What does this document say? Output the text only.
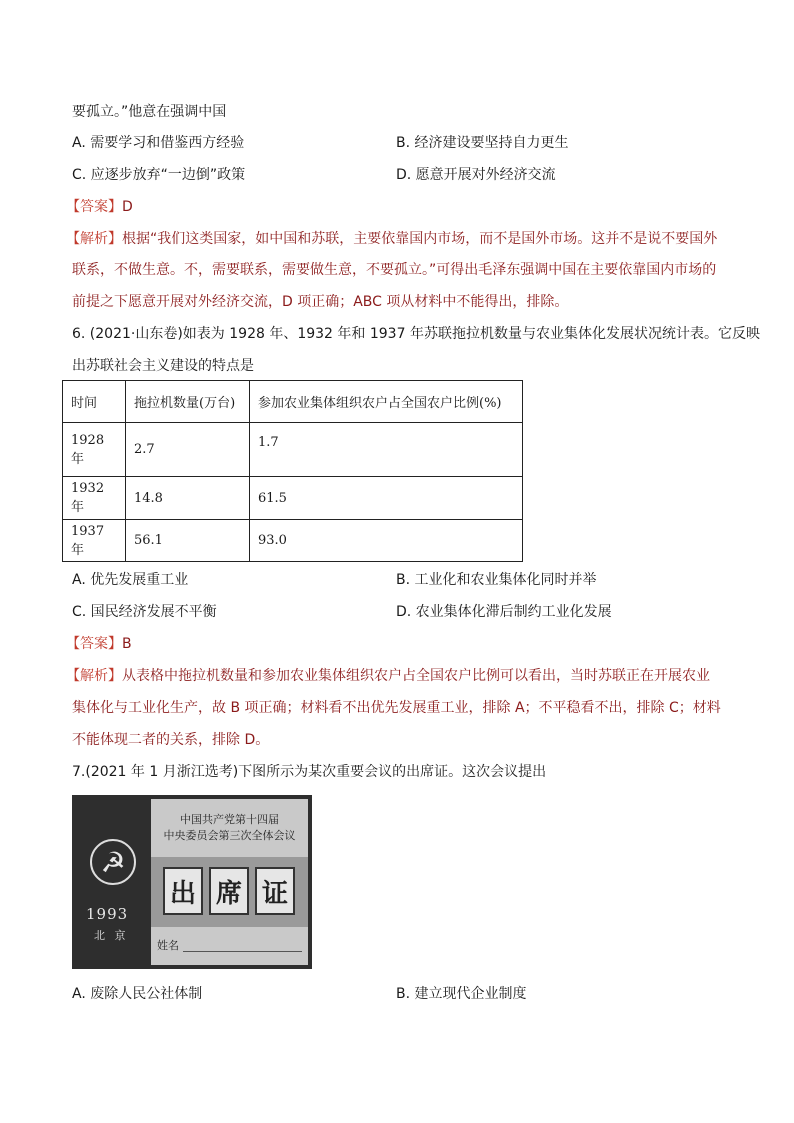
要孤立。”他意在强调中国
A. 需要学习和借鉴西方经验	B. 经济建设要坚持自力更生
C. 应逐步放弃“一边倒”政策	D. 愿意开展对外经济交流
【答案】D
【解析】根据“我们这类国家，如中国和苏联，主要依靠国内市场，而不是国外市场。这并不是说不要国外
联系，不做生意。不，需要联系，需要做生意，不要孤立。”可得出毛泽东强调中国在主要依靠国内市场的
前提之下愿意开展对外经济交流，D 项正确；ABC 项从材料中不能得出，排除。
6. (2021·山东卷)如表为 1928 年、1932 年和 1937 年苏联拖拉机数量与农业集体化发展状况统计表。它反映
出苏联社会主义建设的特点是
时间	拖拉机数量(万台)	参加农业集体组织农户占全国农户比例(%)
1928 年	2.7	1.7
1932 年	14.8	61.5
1937 年	56.1	93.0
A. 优先发展重工业	B. 工业化和农业集体化同时并举
C. 国民经济发展不平衡	D. 农业集体化滞后制约工业化发展
【答案】B
【解析】从表格中拖拉机数量和参加农业集体组织农户占全国农户比例可以看出，当时苏联正在开展农业
集体化与工业化生产，故 B 项正确；材料看不出优先发展重工业，排除 A；不平稳看不出，排除 C；材料
不能体现二者的关系，排除 D。
7.(2021 年 1 月浙江选考)下图所示为某次重要会议的出席证。这次会议提出
☭
1993
北 京
中国共产党第十四届
中央委员会第三次全体会议
出 席 证
姓名
A. 废除人民公社体制	B. 建立现代企业制度
